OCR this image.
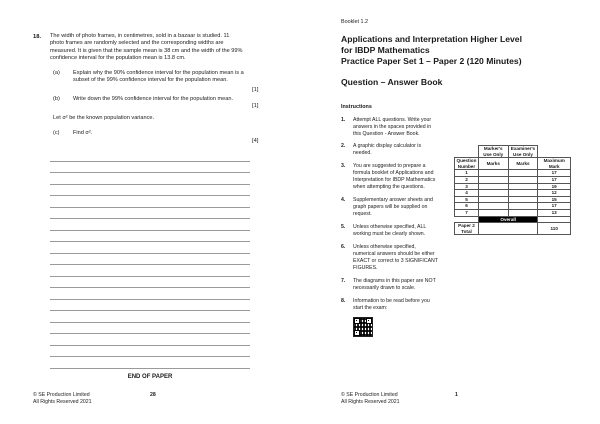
18. The width of photo frames, in centimetres, sold in a bazaar is studied. 11
photo frames are randomly selected and the corresponding widths are
measured. It is given that the sample mean is 38 cm and the width of the 99%
confidence interval for the population mean is 13.8 cm.
(a) Explain why the 90% confidence interval for the population mean is a
subset of the 99% confidence interval for the population mean.
[1]
(b) Write down the 99% confidence interval for the population mean.
[1]
Let σ² be the known population variance.
(c) Find σ².
[4]
END OF PAPER
© SE Production Limited
All Rights Reserved 2021
28
Booklet 1.2
Applications and Interpretation Higher Level
for IBDP Mathematics
Practice Paper Set 1 – Paper 2 (120 Minutes)
Question – Answer Book
Instructions
1. Attempt ALL questions. Write your
answers in the spaces provided in
this Question - Answer Book.
2. A graphic display calculator is
needed.
3. You are suggested to prepare a
formula booklet of Applications and
Interpretation for IBDP Mathematics
when attempting the questions.
4. Supplementary answer sheets and
graph papers will be supplied on
request.
5. Unless otherwise specified, ALL
working must be clearly shown.
6. Unless otherwise specified,
numerical answers should be either
EXACT or correct to 3 SIGNIFICANT
FIGURES.
7. The diagrams in this paper are NOT
necessarily drawn to scale.
8. Information to be read before you
start the exam:
	Marker's Use Only	Examiner's Use Only	
Question Number	Marks	Marks	Maximum Mark
1			17
2			17
3			19
4			12
5			15
6			17
7			13
	Overall		
Paper 2 Total			110
© SE Production Limited
All Rights Reserved 2021
1
